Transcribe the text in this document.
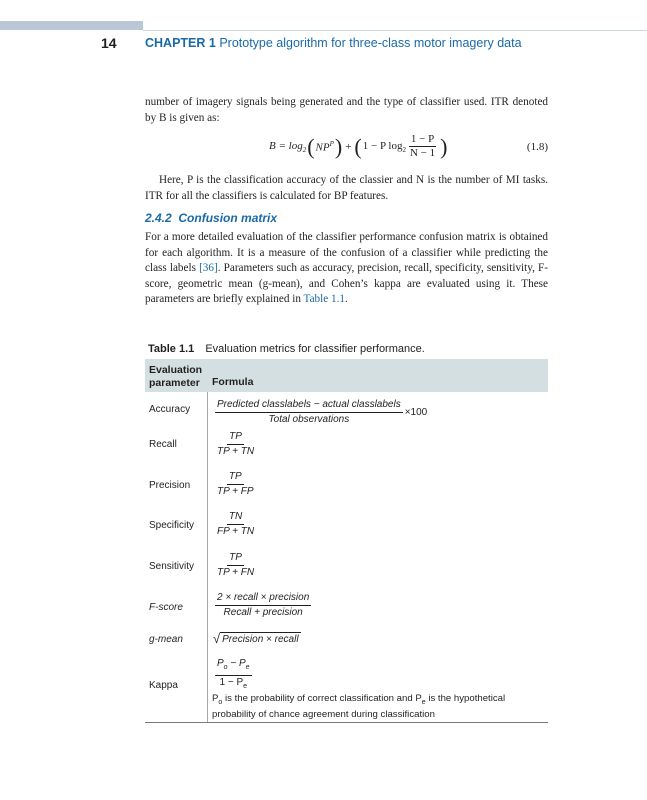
14 CHAPTER 1 Prototype algorithm for three-class motor imagery data
number of imagery signals being generated and the type of classifier used. ITR denoted by B is given as:
$B = \log_2$ ( $NP^P$ ) + ( 1 − P $\log_2 \frac{1 - P}{N - 1}$ )	(1.8)
Here, P is the classification accuracy of the classier and N is the number of MI tasks. ITR for all the classifiers is calculated for BP features.
2.4.2 Confusion matrix
For a more detailed evaluation of the classifier performance confusion matrix is obtained for each algorithm. It is a measure of the confusion of a classifier while predicting the class labels [36]. Parameters such as accuracy, precision, recall, specificity, sensitivity, F-score, geometric mean (g-mean), and Cohen’s kappa are evaluated using it. These parameters are briefly explained in Table 1.1.
Table 1.1 Evaluation metrics for classifier performance.
Evaluation parameter	Formula
Accuracy $\frac{\text{Predicted classlabels − actual classlabels}}{\text{Total observations}} \times 100$
Recall	$\frac{TP}{TP + TN}$
Precision $\frac{TP}{TP + FP}$
Specificity $\frac{TN}{FP + TN}$
Sensitivity $\frac{TP}{TP + FN}$
F-score	$\frac{\text{2 × recall × precision}}{\text{Recall + precision}}$
g-mean √ Precision × recall
Kappa	$\frac{P_o - P_e}{1 - P_e}$
$P_o$ is the probability of correct classification and $P_e$ is the hypothetical probability of chance agreement during classification
